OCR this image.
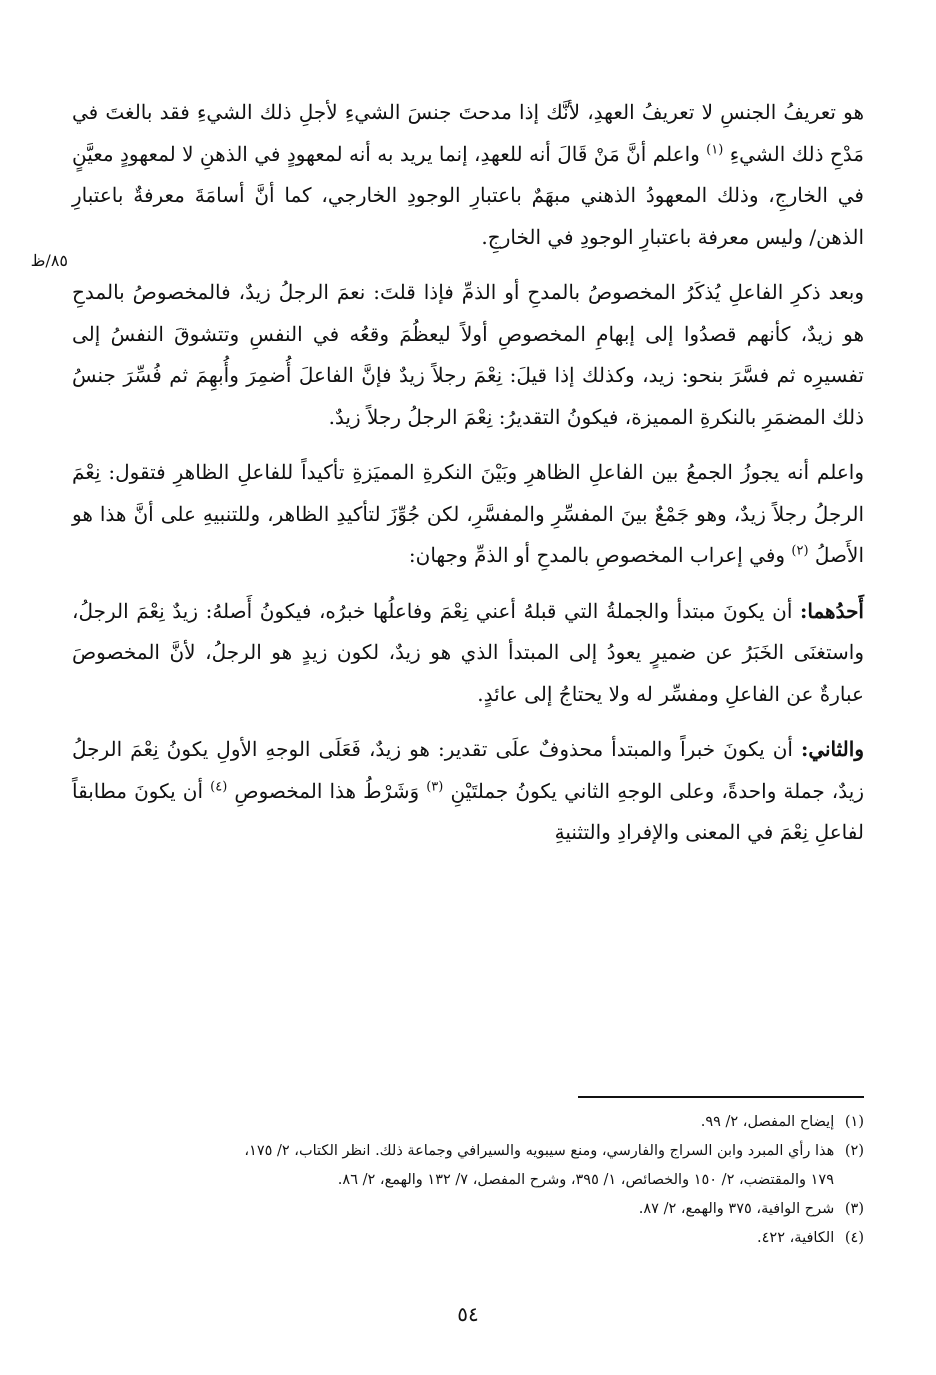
٨٥/ظ

هو تعريفُ الجنسِ لا تعريفُ العهدِ، لأنَّك إذا مدحتَ جنسَ الشيءِ لأجلِ ذلك الشيءِ فقد بالغتَ في مَدْحِ ذلك الشيءِ $^{(١)}$ واعلم أنَّ مَنْ قَالَ أنه للعهدِ، إنما يريد به أنه لمعهودٍ في الذهنِ لا لمعهودٍ معيَّنٍ في الخارجِ، وذلك المعهودُ الذهني مبهَمٌ باعتبارِ الوجودِ الخارجي، كما أنَّ أسامَةَ معرفةٌ باعتبارِ الذهن/ وليس معرفة باعتبارِ الوجودِ في الخارجِ.

وبعد ذكرِ الفاعلِ يُذكَرُ المخصوصُ بالمدحِ أو الذمِّ فإذا قلتَ: نعمَ الرجلُ زيدٌ، فالمخصوصُ بالمدحِ هو زيدٌ، كأنهم قصدُوا إلى إبهامِ المخصوصِ أولاً ليعظُمَ وقعُه في النفسِ وتتشوقَ النفسُ إلى تفسيرِه ثم فسَّرَ بنحو: زيد، وكذلك إذا قيلَ: نِعْمَ رجلاً زيدٌ فإنَّ الفاعلَ أُضمِرَ وأُبهِمَ ثم فُسِّرَ جنسُ ذلك المضمَرِ بالنكرةِ المميزة، فيكونُ التقديرُ: نِعْمَ الرجلُ رجلاً زيدٌ.

واعلم أنه يجوزُ الجمعُ بين الفاعلِ الظاهرِ وبَيْنَ النكرةِ المميَزةِ تأكيداً للفاعلِ الظاهرِ فتقول: نِعْمَ الرجلُ رجلاً زيدٌ، وهو جَمْعٌ بينَ المفسِّرِ والمفسَّرِ، لكن جُوِّزَ لتأكيدِ الظاهر، وللتنبيهِ على أنَّ هذا هو الأَصلُ $^{(٢)}$ وفي إعراب المخصوصِ بالمدحِ أو الذمِّ وجهان:

أَحدُهما: أن يكونَ مبتدأ والجملةُ التي قبلهُ أعني نِعْمَ وفاعلُها خبرُه، فيكونُ أَصلهُ: زيدٌ نِعْمَ الرجلُ، واستغنَى الخَبَرُ عن ضميرٍ يعودُ إلى المبتدأ الذي هو زيدٌ، لكون زيدٍ هو الرجلُ، لأنَّ المخصوصَ عبارةٌ عن الفاعلِ ومفسِّر له ولا يحتاجُ إلى عائدٍ.

والثاني: أن يكونَ خبراً والمبتدأ محذوفٌ علَى تقدير: هو زيدٌ، فَعَلَى الوجهِ الأولِ يكونُ نِعْمَ الرجلُ زيدٌ، جملة واحدةً، وعلى الوجهِ الثاني يكونُ جملتَيْنِ $^{(٣)}$ وَشَرْطُ هذا المخصوصِ $^{(٤)}$ أن يكونَ مطابقاً لفاعلِ نِعْمَ في المعنى والإفرادِ والتثنيةِ

(١) إيضاح المفصل، ٢/ ٩٩.

(٢) هذا رأي المبرد وابن السراج والفارسي، ومنع سيبويه والسيرافي وجماعة ذلك. انظر الكتاب، ٢/ ١٧٥،

١٧٩ والمقتضب، ٢/ ١٥٠ والخصائص، ١/ ٣٩٥، وشرح المفصل، ٧/ ١٣٢ والهمع، ٢/ ٨٦.

(٣) شرح الوافية، ٣٧٥ والهمع، ٢/ ٨٧.

(٤) الكافية، ٤٢٢.

٥٤
